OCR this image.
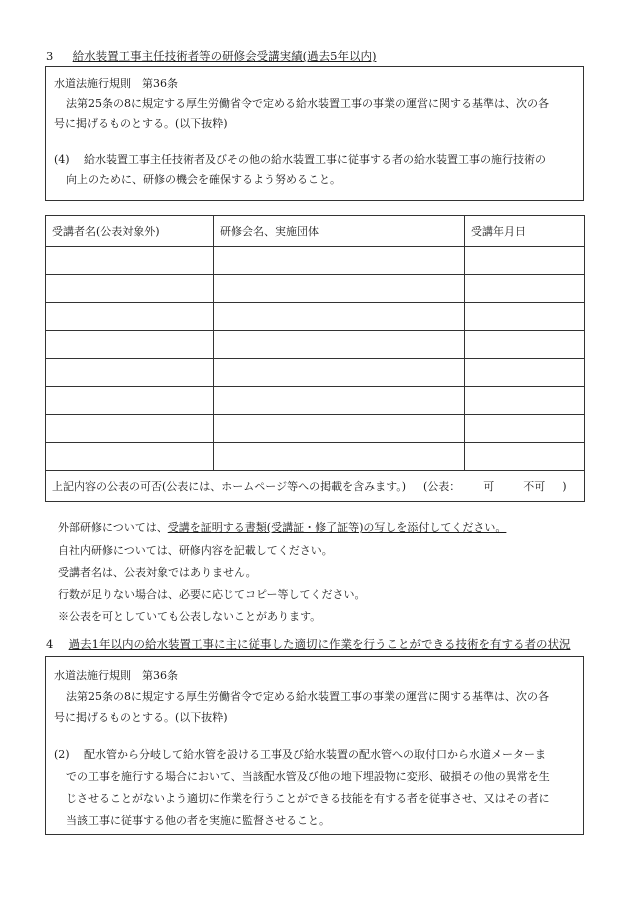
3 給水装置工事主任技術者等の研修会受講実績(過去5年以内)
水道法施行規則　第36条
法第25条の8に規定する厚生労働省令で定める給水装置工事の事業の運営に関する基準は、次の各
号に掲げるものとする。(以下抜粋)
(4) 給水装置工事主任技術者及びその他の給水装置工事に従事する者の給水装置工事の施行技術の
向上のために、研修の機会を確保するよう努めること。
受講者名(公表対象外)	研修会名、実施団体	受講年月日

上記内容の公表の可否(公表には、ホームページ等への掲載を含みます。) (公表： 可 不可 )		
外部研修については、受講を証明する書類(受講証・修了証等)の写しを添付してください。
自社内研修については、研修内容を記載してください。
受講者名は、公表対象ではありません。
行数が足りない場合は、必要に応じてコピー等してください。
※公表を可としていても公表しないことがあります。
4 過去1年以内の給水装置工事に主に従事した適切に作業を行うことができる技術を有する者の状況
水道法施行規則　第36条
法第25条の8に規定する厚生労働省令で定める給水装置工事の事業の運営に関する基準は、次の各
号に掲げるものとする。(以下抜粋)
(2) 配水管から分岐して給水管を設ける工事及び給水装置の配水管への取付口から水道メーターま
での工事を施行する場合において、当該配水管及び他の地下埋設物に変形、破損その他の異常を生
じさせることがないよう適切に作業を行うことができる技能を有する者を従事させ、又はその者に
当該工事に従事する他の者を実施に監督させること。
